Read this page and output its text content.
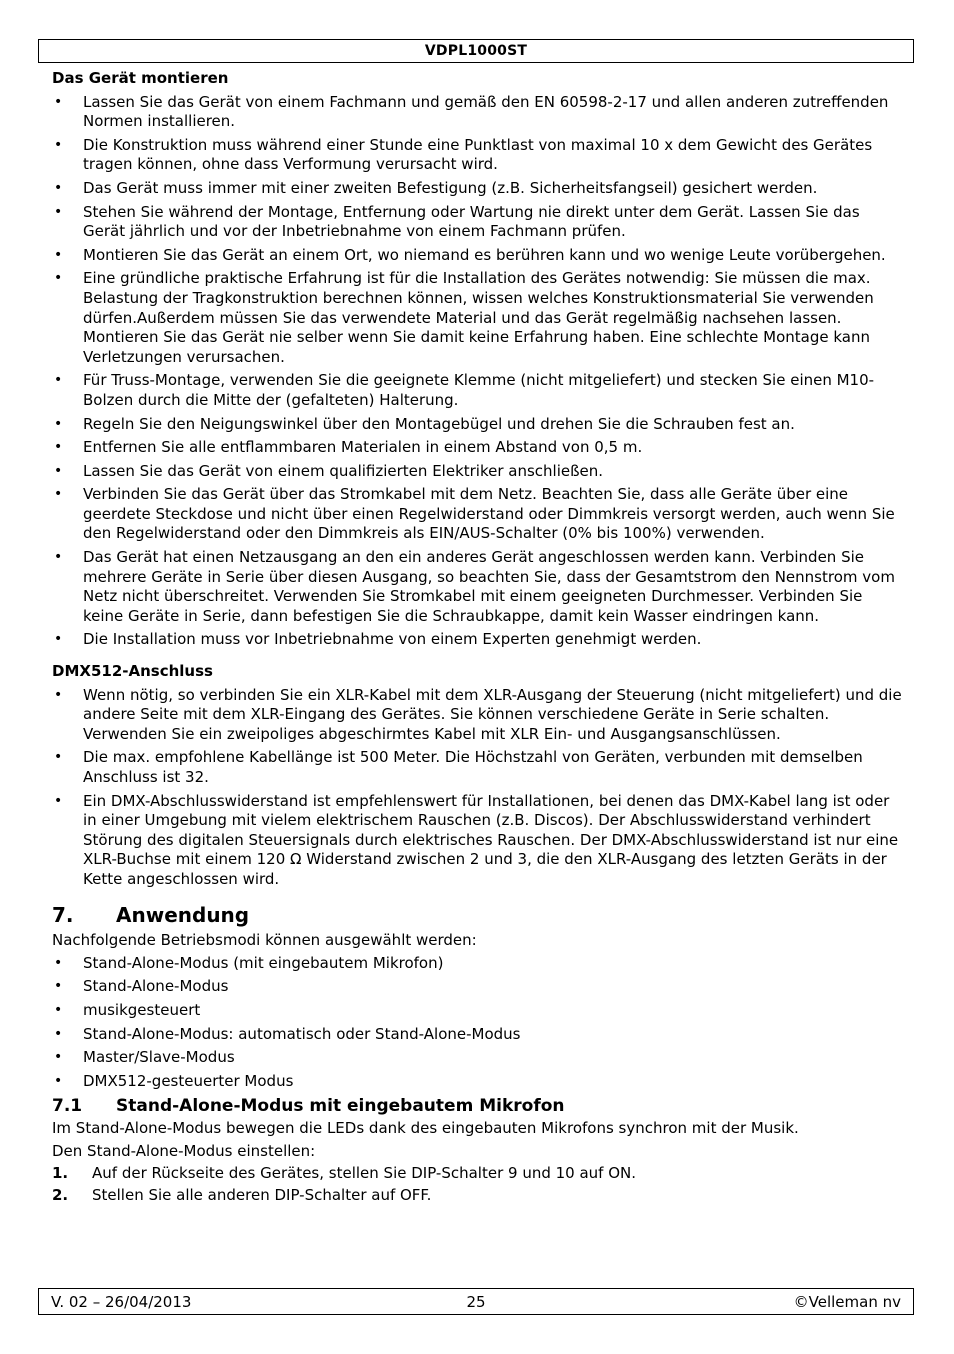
VDPL1000ST
Das Gerät montieren
• Lassen Sie das Gerät von einem Fachmann und gemäß den EN 60598-2-17 und allen anderen zutreffenden Normen installieren.
• Die Konstruktion muss während einer Stunde eine Punktlast von maximal 10 x dem Gewicht des Gerätes tragen können, ohne dass Verformung verursacht wird.
• Das Gerät muss immer mit einer zweiten Befestigung (z.B. Sicherheitsfangseil) gesichert werden.
• Stehen Sie während der Montage, Entfernung oder Wartung nie direkt unter dem Gerät. Lassen Sie das Gerät jährlich und vor der Inbetriebnahme von einem Fachmann prüfen.
• Montieren Sie das Gerät an einem Ort, wo niemand es berühren kann und wo wenige Leute vorübergehen.
• Eine gründliche praktische Erfahrung ist für die Installation des Gerätes notwendig: Sie müssen die max. Belastung der Tragkonstruktion berechnen können, wissen welches Konstruktionsmaterial Sie verwenden dürfen.Außerdem müssen Sie das verwendete Material und das Gerät regelmäßig nachsehen lassen. Montieren Sie das Gerät nie selber wenn Sie damit keine Erfahrung haben. Eine schlechte Montage kann Verletzungen verursachen.
• Für Truss-Montage, verwenden Sie die geeignete Klemme (nicht mitgeliefert) und stecken Sie einen M10-Bolzen durch die Mitte der (gefalteten) Halterung.
• Regeln Sie den Neigungswinkel über den Montagebügel und drehen Sie die Schrauben fest an.
• Entfernen Sie alle entflammbaren Materialen in einem Abstand von 0,5 m.
• Lassen Sie das Gerät von einem qualifizierten Elektriker anschließen.
• Verbinden Sie das Gerät über das Stromkabel mit dem Netz. Beachten Sie, dass alle Geräte über eine geerdete Steckdose und nicht über einen Regelwiderstand oder Dimmkreis versorgt werden, auch wenn Sie den Regelwiderstand oder den Dimmkreis als EIN/AUS-Schalter (0% bis 100%) verwenden.
• Das Gerät hat einen Netzausgang an den ein anderes Gerät angeschlossen werden kann. Verbinden Sie mehrere Geräte in Serie über diesen Ausgang, so beachten Sie, dass der Gesamtstrom den Nennstrom vom Netz nicht überschreitet. Verwenden Sie Stromkabel mit einem geeigneten Durchmesser. Verbinden Sie keine Geräte in Serie, dann befestigen Sie die Schraubkappe, damit kein Wasser eindringen kann.
• Die Installation muss vor Inbetriebnahme von einem Experten genehmigt werden.
DMX512-Anschluss
• Wenn nötig, so verbinden Sie ein XLR-Kabel mit dem XLR-Ausgang der Steuerung (nicht mitgeliefert) und die andere Seite mit dem XLR-Eingang des Gerätes. Sie können verschiedene Geräte in Serie schalten. Verwenden Sie ein zweipoliges abgeschirmtes Kabel mit XLR Ein- und Ausgangsanschlüssen.
• Die max. empfohlene Kabellänge ist 500 Meter. Die Höchstzahl von Geräten, verbunden mit demselben Anschluss ist 32.
• Ein DMX-Abschlusswiderstand ist empfehlenswert für Installationen, bei denen das DMX-Kabel lang ist oder in einer Umgebung mit vielem elektrischem Rauschen (z.B. Discos). Der Abschlusswiderstand verhindert Störung des digitalen Steuersignals durch elektrisches Rauschen. Der DMX-Abschlusswiderstand ist nur eine XLR-Buchse mit einem 120 Ω Widerstand zwischen 2 und 3, die den XLR-Ausgang des letzten Geräts in der Kette angeschlossen wird.
7.	Anwendung
Nachfolgende Betriebsmodi können ausgewählt werden:
• Stand-Alone-Modus (mit eingebautem Mikrofon)
• Stand-Alone-Modus
• musikgesteuert
• Stand-Alone-Modus: automatisch oder Stand-Alone-Modus
• Master/Slave-Modus
• DMX512-gesteuerter Modus
7.1	Stand-Alone-Modus mit eingebautem Mikrofon
Im Stand-Alone-Modus bewegen die LEDs dank des eingebauten Mikrofons synchron mit der Musik.
Den Stand-Alone-Modus einstellen:
1. Auf der Rückseite des Gerätes, stellen Sie DIP-Schalter 9 und 10 auf ON.
2. Stellen Sie alle anderen DIP-Schalter auf OFF.
V. 02 – 26/04/2013	25	©Velleman nv
